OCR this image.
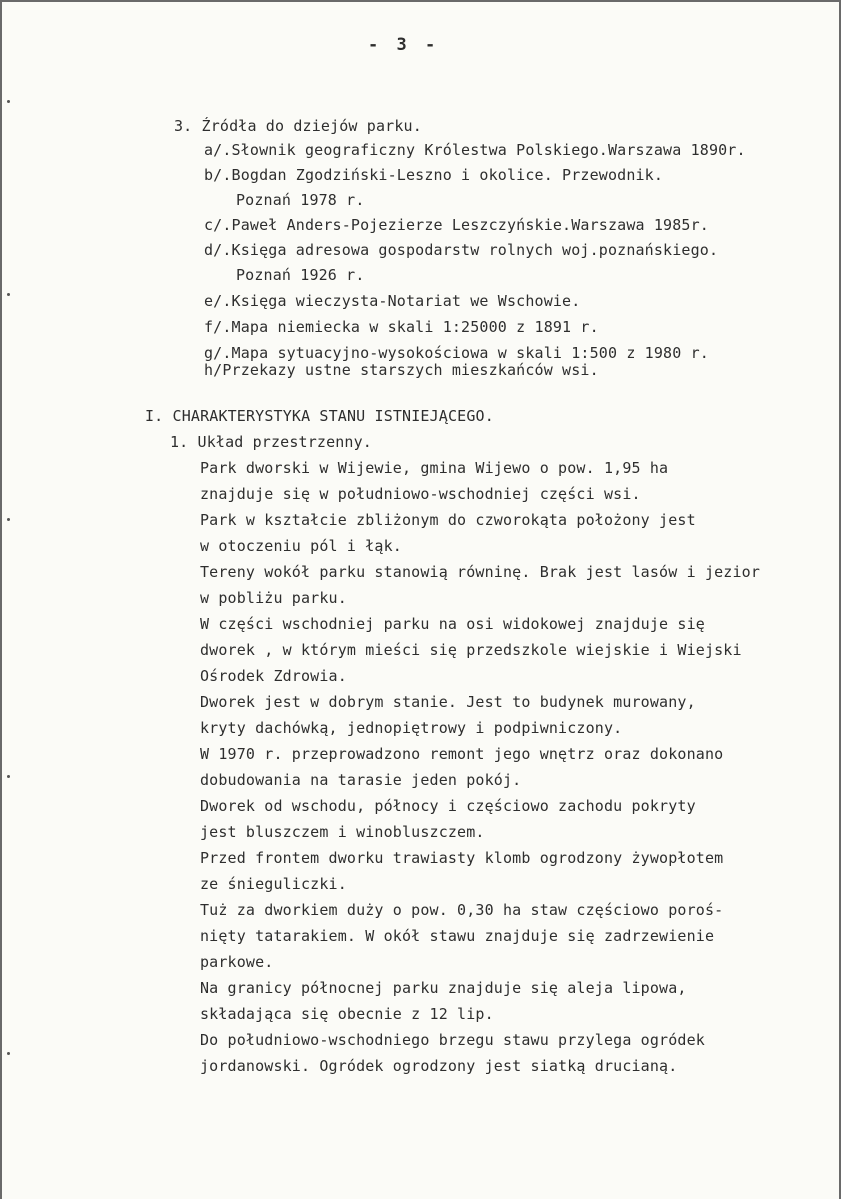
- 3 -
3. Źródła do dziejów parku.
a/.Słownik geograficzny Królestwa Polskiego.Warszawa 1890r.
b/.Bogdan Zgodziński-Leszno i okolice. Przewodnik.
Poznań 1978 r.
c/.Paweł Anders-Pojezierze Leszczyńskie.Warszawa 1985r.
d/.Księga adresowa gospodarstw rolnych woj.poznańskiego.
Poznań 1926 r.
e/.Księga wieczysta-Notariat we Wschowie.
f/.Mapa niemiecka w skali 1:25000 z 1891 r.
g/.Mapa sytuacyjno-wysokościowa w skali 1:500 z 1980 r.
h/Przekazy ustne starszych mieszkańców wsi.
I. CHARAKTERYSTYKA STANU ISTNIEJĄCEGO.
1. Układ przestrzenny.
Park dworski w Wijewie, gmina Wijewo o pow. 1,95 ha
znajduje się w południowo-wschodniej części wsi.
Park w kształcie zbliżonym do czworokąta położony jest
w otoczeniu pól i łąk.
Tereny wokół parku stanowią równinę. Brak jest lasów i jezior
w pobliżu parku.
W części wschodniej parku na osi widokowej znajduje się
dworek , w którym mieści się przedszkole wiejskie i Wiejski
Ośrodek Zdrowia.
Dworek jest w dobrym stanie. Jest to budynek murowany,
kryty dachówką, jednopiętrowy i podpiwniczony.
W 1970 r. przeprowadzono remont jego wnętrz oraz dokonano
dobudowania na tarasie jeden pokój.
Dworek od wschodu, północy i częściowo zachodu pokryty
jest bluszczem i winobluszczem.
Przed frontem dworku trawiasty klomb ogrodzony żywopłotem
ze śnieguliczki.
Tuż za dworkiem duży o pow. 0,30 ha staw częściowo poroś-
nięty tatarakiem. W okół stawu znajduje się zadrzewienie
parkowe.
Na granicy północnej parku znajduje się aleja lipowa,
składająca się obecnie z 12 lip.
Do południowo-wschodniego brzegu stawu przylega ogródek
jordanowski. Ogródek ogrodzony jest siatką drucianą.
